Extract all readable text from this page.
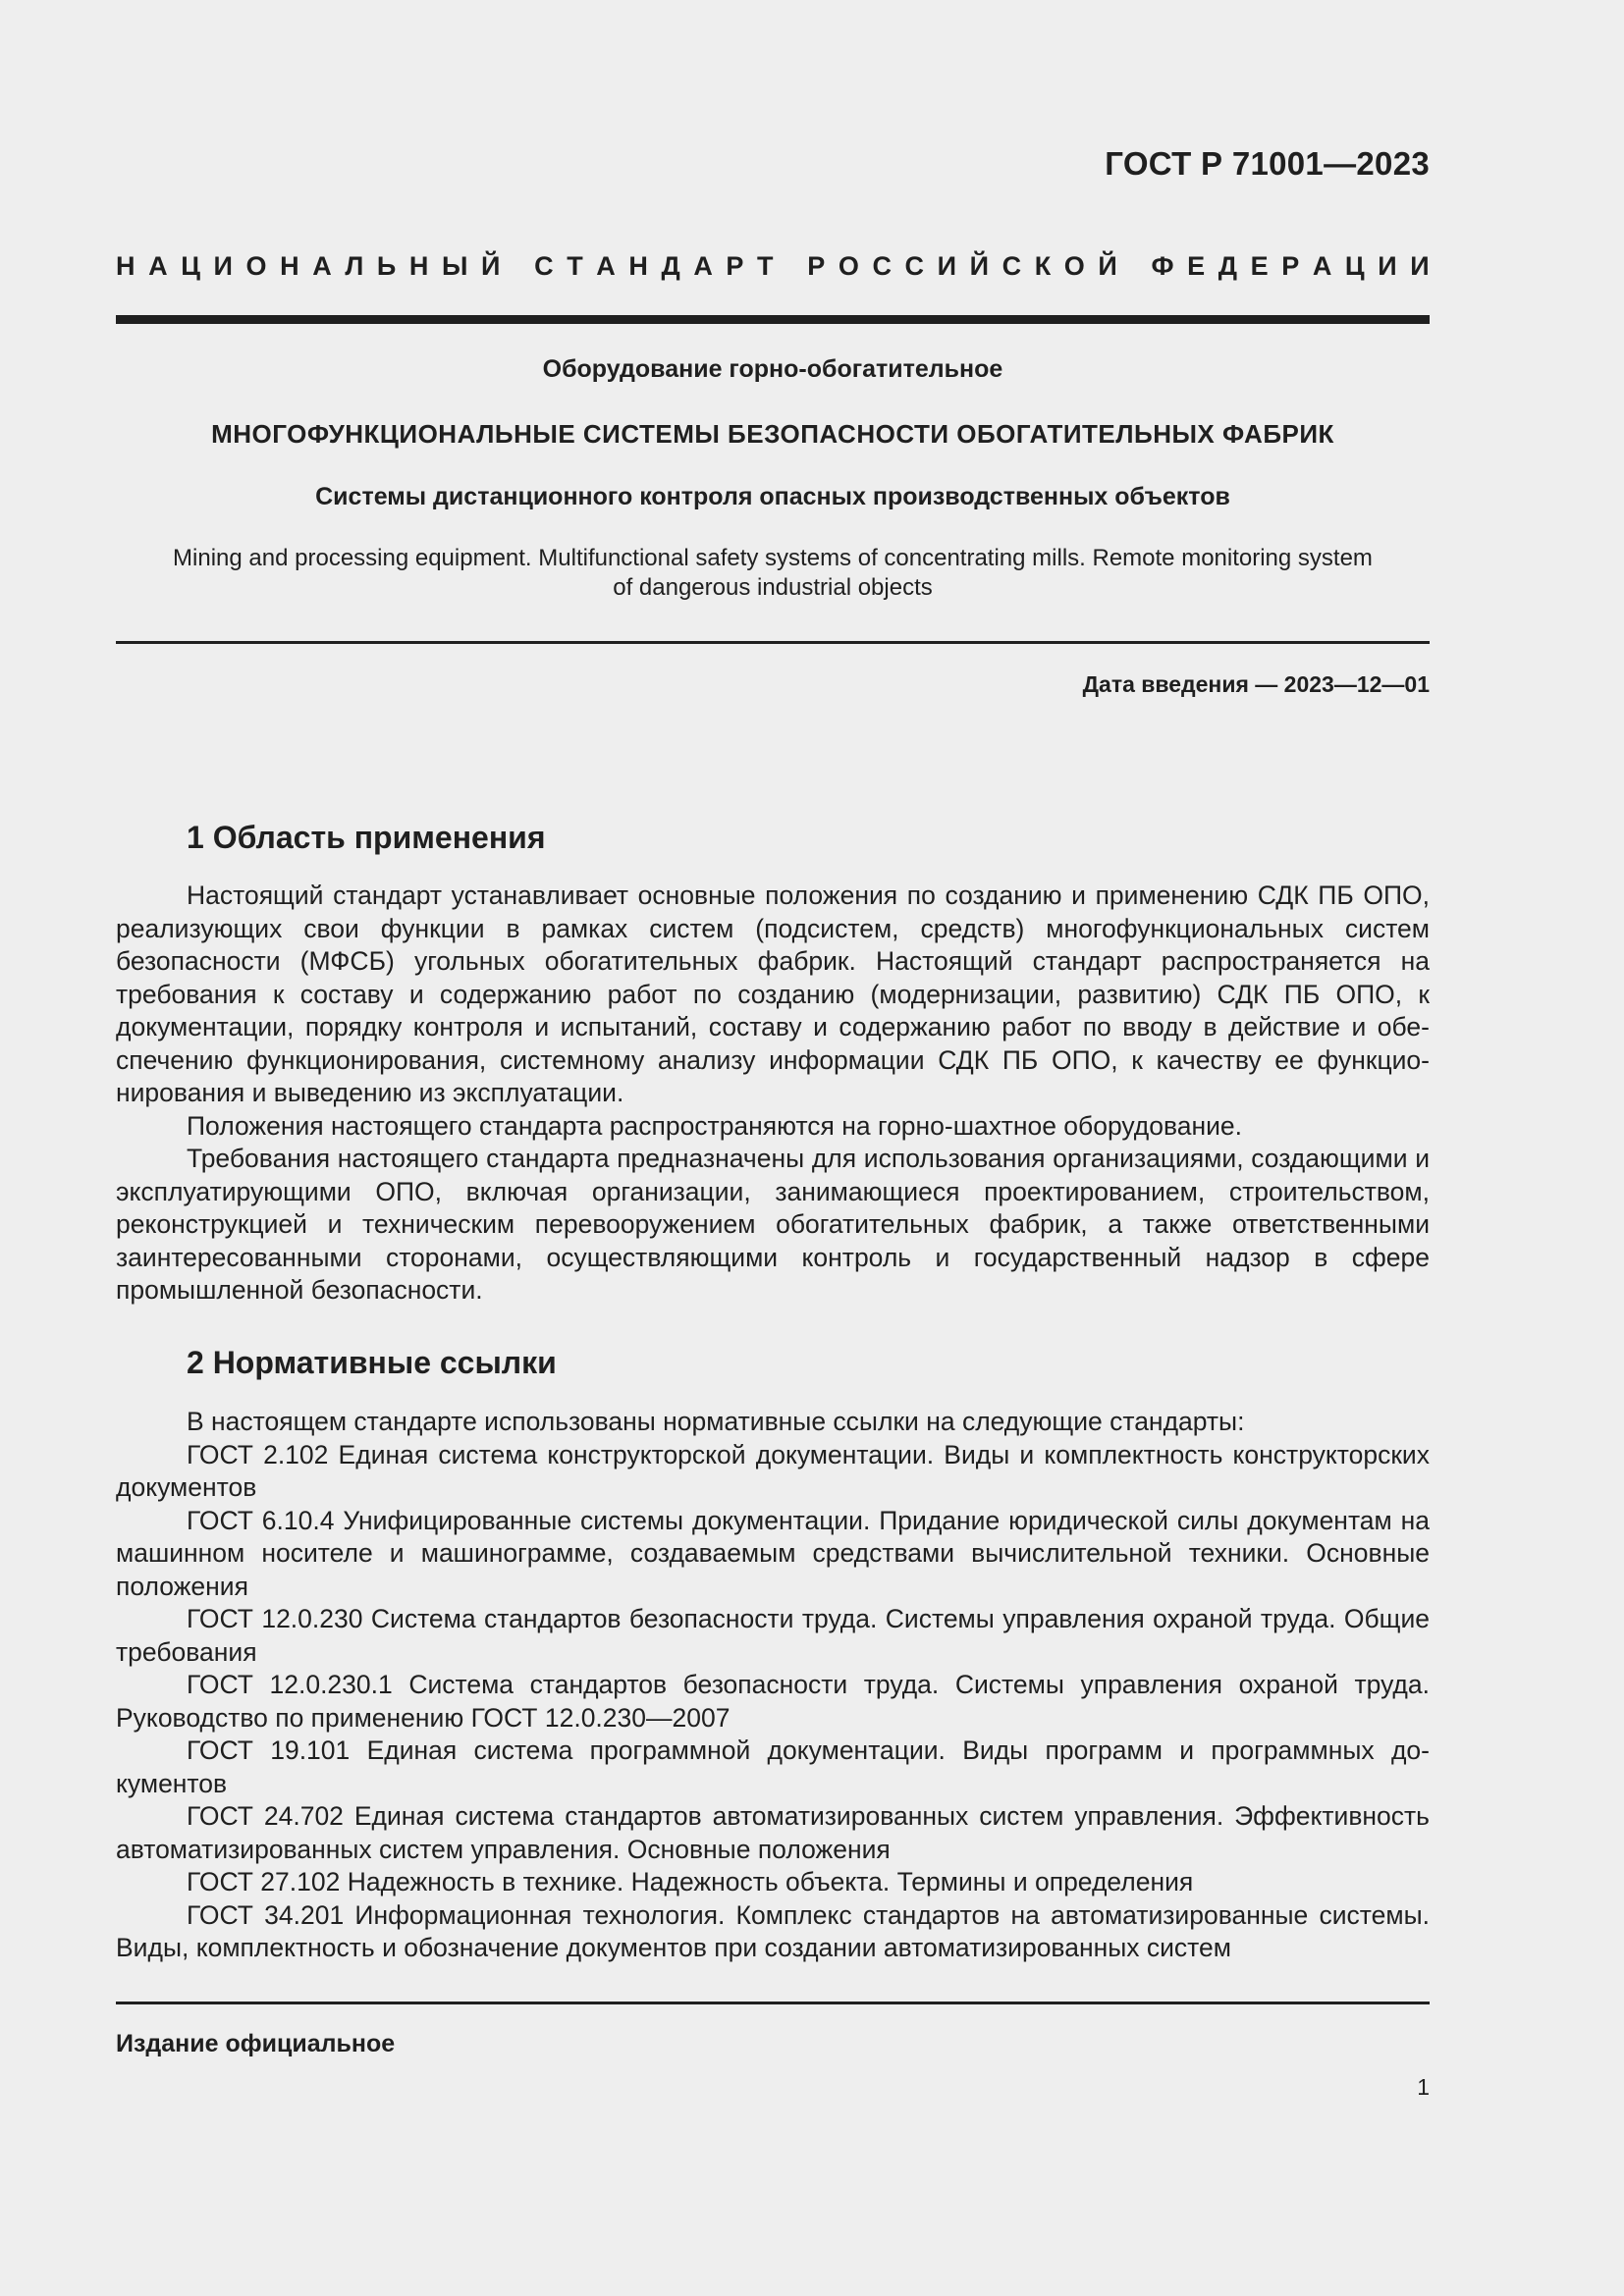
ГОСТ Р 71001—2023
Н А Ц И О Н А Л Ь Н Ы Й
С Т А Н Д А Р Т
Р О С С И Й С К О Й
Ф Е Д Е Р А Ц И И
Оборудование горно-обогатительное
МНОГОФУНКЦИОНАЛЬНЫЕ СИСТЕМЫ БЕЗОПАСНОСТИ ОБОГАТИТЕЛЬНЫХ ФАБРИК
Системы дистанционного контроля опасных производственных объектов
Mining and processing equipment. Multifunctional safety systems of concentrating mills. Remote monitoring system
of dangerous industrial objects
Дата введения — 2023—12—01
1 Область применения

Настоящий стандарт устанавливает основные положения по созданию и применению СДК ПБ ОПО, реализующих свои функции в рамках систем (подсистем, средств) многофункциональных систем безопасности (МФСБ) угольных обогатительных фабрик. Настоящий стандарт распространяется на требования к составу и содержанию работ по созданию (модернизации, развитию) СДК ПБ ОПО, к документации, порядку контроля и испытаний, составу и содержанию работ по вводу в действие и обеспечению функционирования, системному анализу информации СДК ПБ ОПО, к качеству ее функционирования и выведению из эксплуатации.

Положения настоящего стандарта распространяются на горно-шахтное оборудование.

Требования настоящего стандарта предназначены для использования организациями, создающими и эксплуатирующими ОПО, включая организации, занимающиеся проектированием, строительством, реконструкцией и техническим перевооружением обогатительных фабрик, а также ответственными заинтересованными сторонами, осуществляющими контроль и государственный надзор в сфере промышленной безопасности.

2 Нормативные ссылки

В настоящем стандарте использованы нормативные ссылки на следующие стандарты:

ГОСТ 2.102 Единая система конструкторской документации. Виды и комплектность конструкторских документов

ГОСТ 6.10.4 Унифицированные системы документации. Придание юридической силы документам на машинном носителе и машинограмме, создаваемым средствами вычислительной техники. Основные положения

ГОСТ 12.0.230 Система стандартов безопасности труда. Системы управления охраной труда. Общие требования

ГОСТ 12.0.230.1 Система стандартов безопасности труда. Системы управления охраной труда. Руководство по применению ГОСТ 12.0.230—2007

ГОСТ 19.101 Единая система программной документации. Виды программ и программных документов

ГОСТ 24.702 Единая система стандартов автоматизированных систем управления. Эффективность автоматизированных систем управления. Основные положения

ГОСТ 27.102 Надежность в технике. Надежность объекта. Термины и определения

ГОСТ 34.201 Информационная технология. Комплекс стандартов на автоматизированные системы. Виды, комплектность и обозначение документов при создании автоматизированных систем

Издание официальное
1
